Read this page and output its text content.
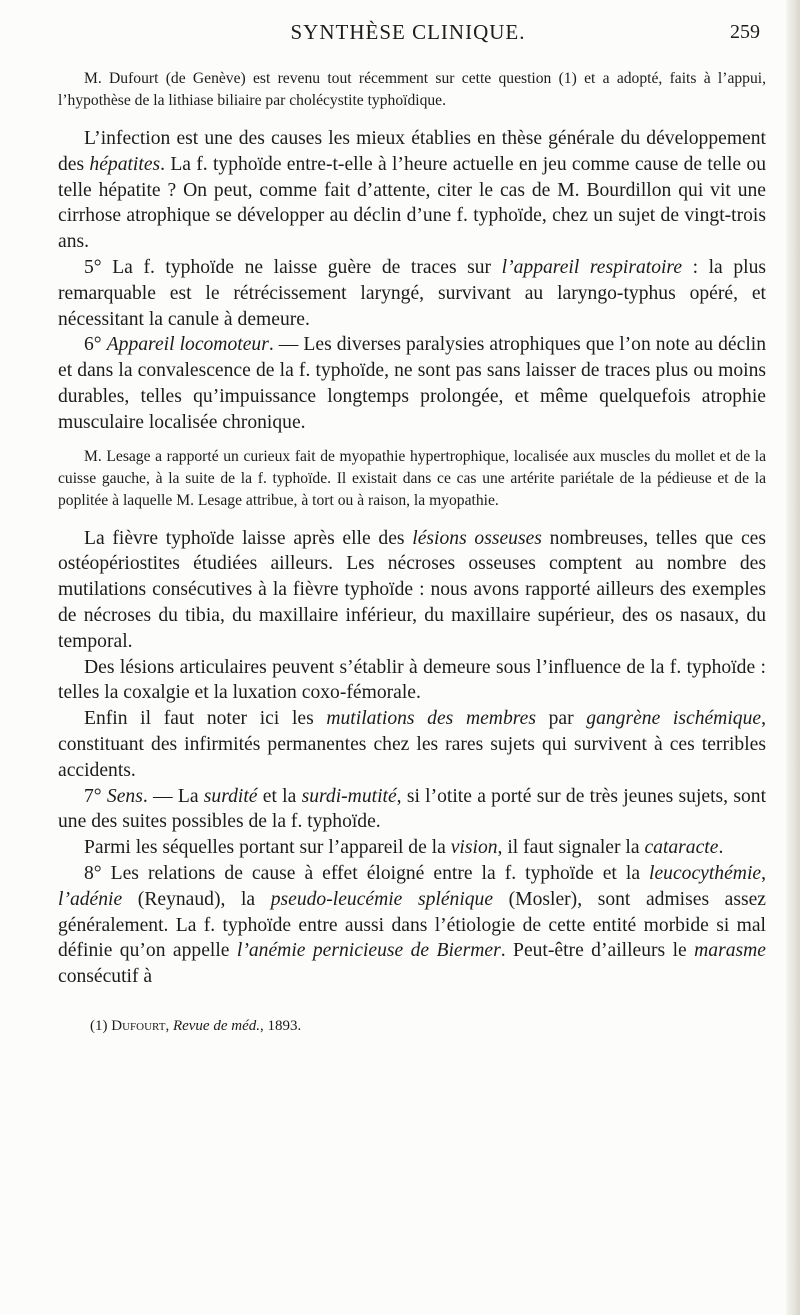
SYNTHÈSE CLINIQUE.	259

M. Dufourt (de Genève) est revenu tout récemment sur cette question (1) et a adopté, faits à l’appui, l’hypothèse de la lithiase biliaire par cholécystite typhoïdique.

L’infection est une des causes les mieux établies en thèse générale du développement des hépatites. La f. typhoïde entre-t-elle à l’heure actuelle en jeu comme cause de telle ou telle hépatite ? On peut, comme fait d’attente, citer le cas de M. Bourdillon qui vit une cirrhose atrophique se développer au déclin d’une f. typhoïde, chez un sujet de vingt-trois ans.

5° La f. typhoïde ne laisse guère de traces sur l’appareil respiratoire : la plus remarquable est le rétrécissement laryngé, survivant au laryngo-typhus opéré, et nécessitant la canule à demeure.

6° Appareil locomoteur. — Les diverses paralysies atrophiques que l’on note au déclin et dans la convalescence de la f. typhoïde, ne sont pas sans laisser de traces plus ou moins durables, telles qu’impuissance longtemps prolongée, et même quelquefois atrophie musculaire localisée chronique.

M. Lesage a rapporté un curieux fait de myopathie hypertrophique, localisée aux muscles du mollet et de la cuisse gauche, à la suite de la f. typhoïde. Il existait dans ce cas une artérite pariétale de la pédieuse et de la poplitée à laquelle M. Lesage attribue, à tort ou à raison, la myopathie.

La fièvre typhoïde laisse après elle des lésions osseuses nombreuses, telles que ces ostéopériostites étudiées ailleurs. Les nécroses osseuses comptent au nombre des mutilations consécutives à la fièvre typhoïde : nous avons rapporté ailleurs des exemples de nécroses du tibia, du maxillaire inférieur, du maxillaire supérieur, des os nasaux, du temporal.

Des lésions articulaires peuvent s’établir à demeure sous l’influence de la f. typhoïde : telles la coxalgie et la luxation coxo-fémorale.

Enfin il faut noter ici les mutilations des membres par gangrène ischémique, constituant des infirmités permanentes chez les rares sujets qui survivent à ces terribles accidents.

7° Sens. — La surdité et la surdi-mutité, si l’otite a porté sur de très jeunes sujets, sont une des suites possibles de la f. typhoïde.

Parmi les séquelles portant sur l’appareil de la vision, il faut signaler la cataracte.

8° Les relations de cause à effet éloigné entre la f. typhoïde et la leucocythémie, l’adénie (Reynaud), la pseudo-leucémie splénique (Mosler), sont admises assez généralement. La f. typhoïde entre aussi dans l’étiologie de cette entité morbide si mal définie qu’on appelle l’anémie pernicieuse de Biermer. Peut-être d’ailleurs le marasme consécutif à

(1) Dufourt, Revue de méd., 1893.
